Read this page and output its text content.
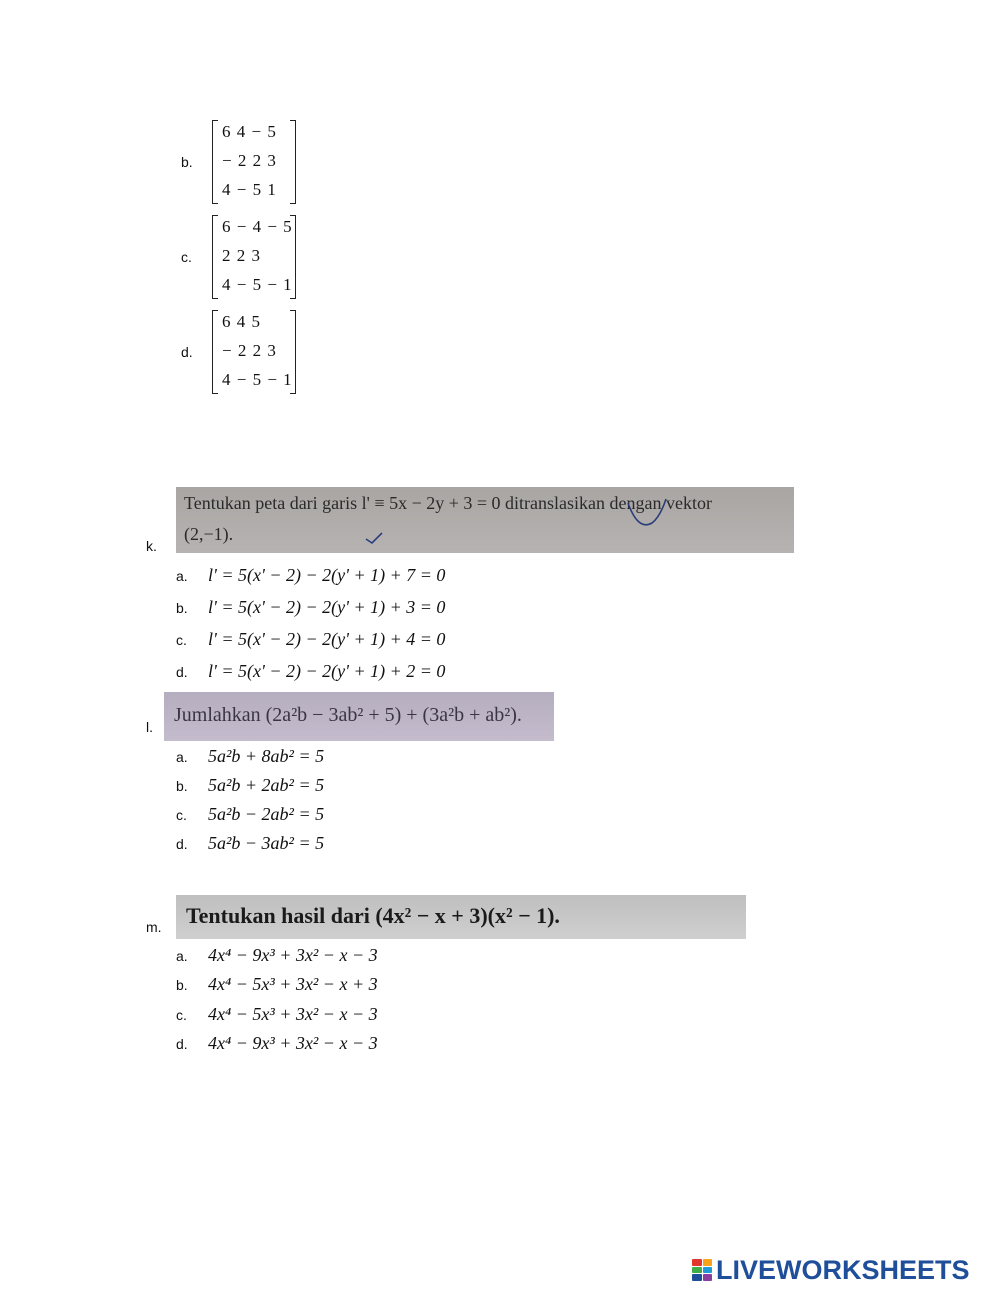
b.
6 4 − 5
− 2 2 3
4 − 5 1
c.
6 − 4 − 5
2 2 3
4 − 5 − 1
d.
6 4 5
− 2 2 3
4 − 5 − 1
k.
Tentukan peta dari garis l' ≡ 5x − 2y + 3 = 0 ditranslasikan dengan vektor
(2,−1).
a. l' = 5(x' − 2) − 2(y' + 1) + 7 = 0
b. l' = 5(x' − 2) − 2(y' + 1) + 3 = 0
c. l' = 5(x' − 2) − 2(y' + 1) + 4 = 0
d. l' = 5(x' − 2) − 2(y' + 1) + 2 = 0
l.
Jumlahkan (2a²b − 3ab² + 5) + (3a²b + ab²).
a. 5a²b + 8ab² = 5
b. 5a²b + 2ab² = 5
c. 5a²b − 2ab² = 5
d. 5a²b − 3ab² = 5
m.	Tentukan hasil dari (4x² − x + 3)(x² − 1).
a. 4x⁴ − 9x³ + 3x² − x − 3
b. 4x⁴ − 5x³ + 3x² − x + 3
c. 4x⁴ − 5x³ + 3x² − x − 3
d. 4x⁴ − 9x³ + 3x² − x − 3
LIVEWORKSHEETS
